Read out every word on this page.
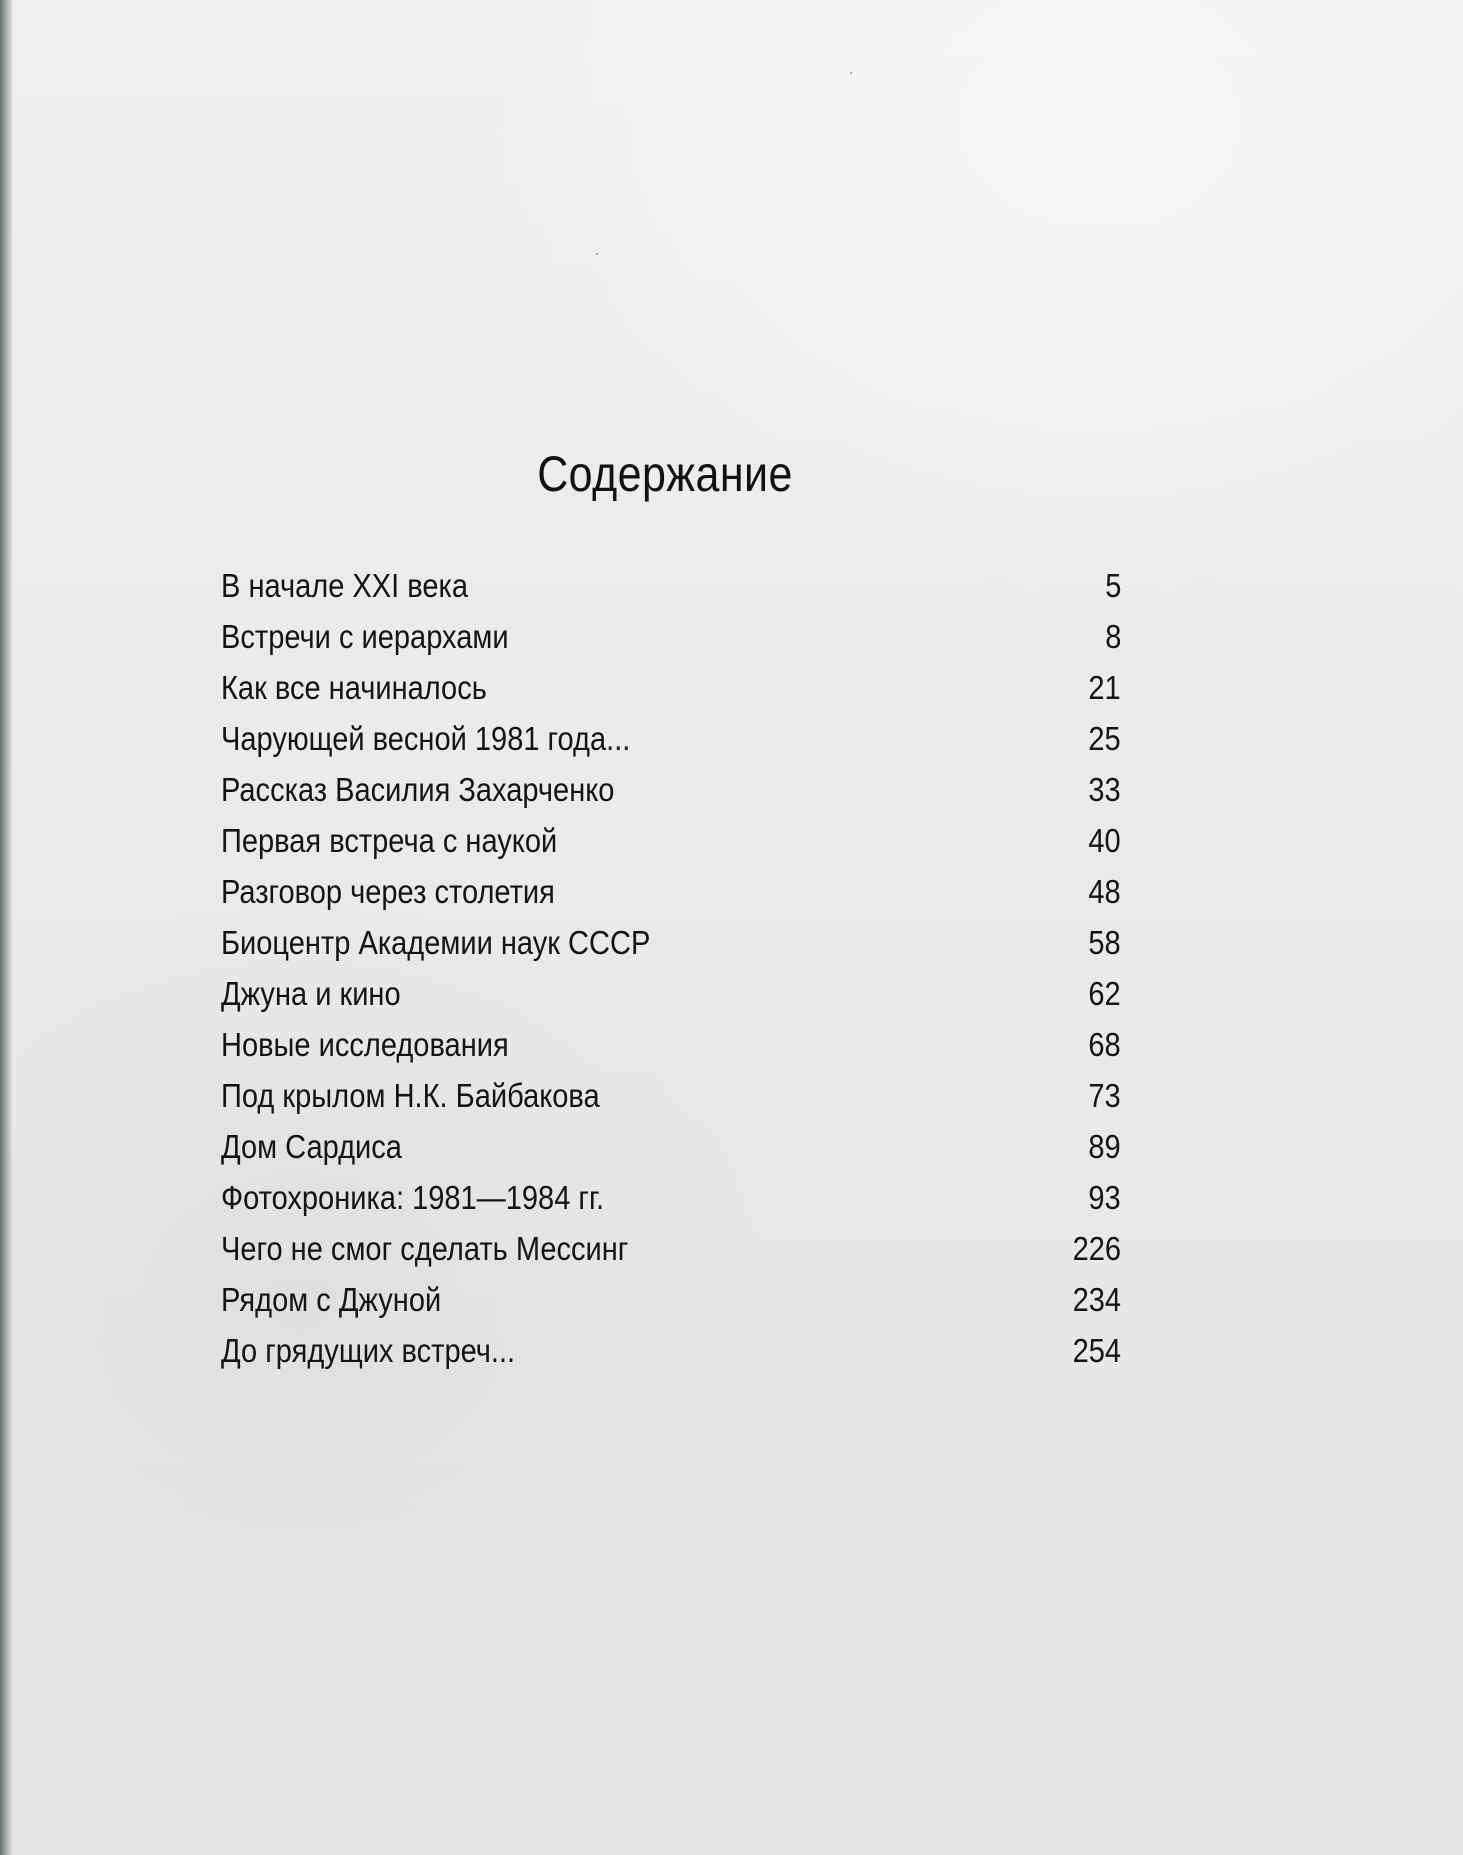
Содержание
В начале XXI века	5
Встречи с иерархами	8
Как все начиналось	21
Чарующей весной 1981 года...	25
Рассказ Василия Захарченко	33
Первая встреча с наукой	40
Разговор через столетия	48
Биоцентр Академии наук СССР	58
Джуна и кино	62
Новые исследования	68
Под крылом Н.К. Байбакова	73
Дом Сардиса	89
Фотохроника: 1981—1984 гг.	93
Чего не смог сделать Мессинг	226
Рядом с Джуной	234
До грядущих встреч...	254
